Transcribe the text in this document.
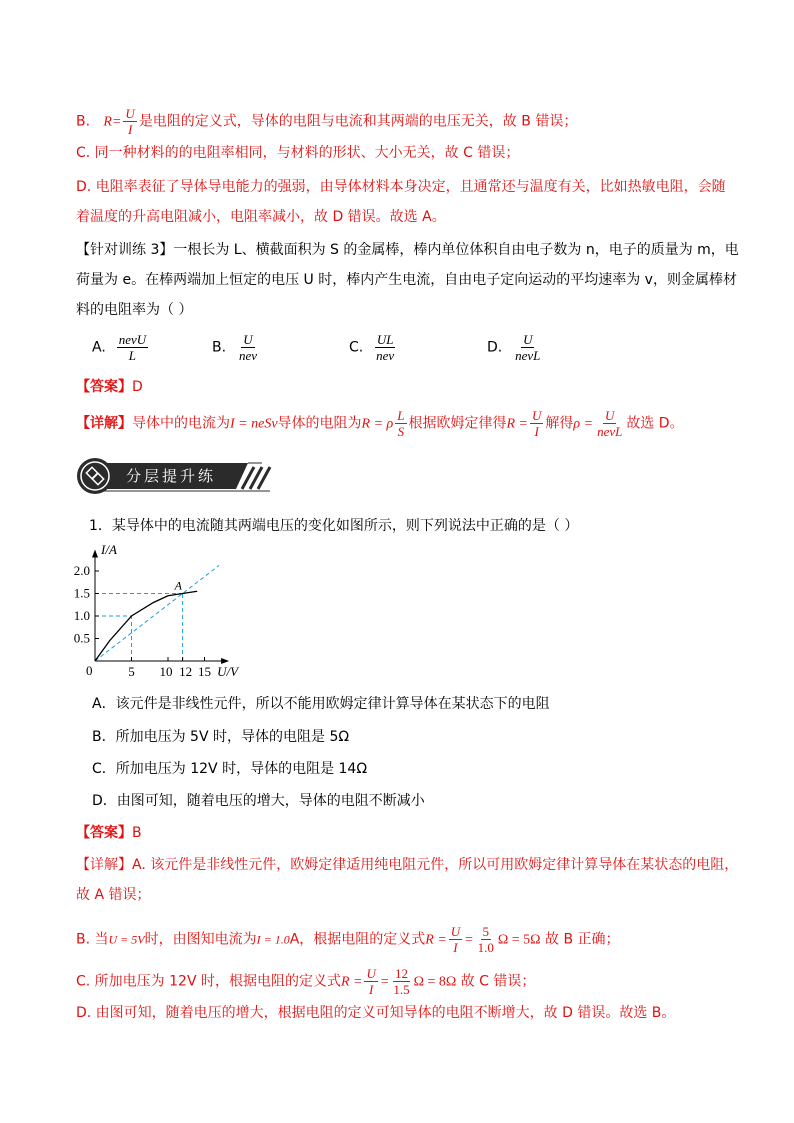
B. $R= \frac{U}{I}$ 是电阻的定义式，导体的电阻与电流和其两端的电压无关，故 B 错误；
C. 同一种材料的的电阻率相同，与材料的形状、大小无关，故 C 错误；
D. 电阻率表征了导体导电能力的强弱，由导体材料本身决定，且通常还与温度有关，比如热敏电阻，会随
着温度的升高电阻减小，电阻率减小，故 D 错误。故选 A。
【针对训练 3】一根长为 L、横截面积为 S 的金属棒，棒内单位体积自由电子数为 n，电子的质量为 m，电
荷量为 e。在棒两端加上恒定的电压 U 时，棒内产生电流，自由电子定向运动的平均速率为 v，则金属棒材
料的电阻率为（ ）
A. $\frac{\text{nevU}}{L}$	B. $\frac{U}{\text{nev}}$	C. $\frac{UL}{\text{nev}}$	D. $\frac{U}{\text{nevL}}$
【答案】D
【详解】导体中的电流为I = neSv导体的电阻为R = ρ $\frac{L}{S}$ 根据欧姆定律得$R = \frac{U}{I}$ 解得$\rho = \frac{U}{\text{nevL}}$ 故选 D。
分层提升练
1．某导体中的电流随其两端电压的变化如图所示，则下列说法中正确的是（ ）
A
0.5
1.0
1.5
2.0
5 10 12 15
0
I/A
U/V
A．该元件是非线性元件，所以不能用欧姆定律计算导体在某状态下的电阻
B．所加电压为 5V 时，导体的电阻是 5Ω
C．所加电压为 12V 时，导体的电阻是 14Ω
D．由图可知，随着电压的增大，导体的电阻不断减小
【答案】B
【详解】A. 该元件是非线性元件，欧姆定律适用纯电阻元件，所以可用欧姆定律计算导体在某状态的电阻，
故 A 错误；
B. 当U = 5V时，由图知电流为I = 1.0A，根据电阻的定义式$R = \frac{U}{I} = \frac{5}{1.0}$ Ω = 5Ω 故 B 正确；
C. 所加电压为 12V 时，根据电阻的定义式$R = \frac{U}{I} = \frac{12}{1.5}$ Ω = 8Ω 故 C 错误；
D. 由图可知，随着电压的增大，根据电阻的定义可知导体的电阻不断增大，故 D 错误。故选 B。
